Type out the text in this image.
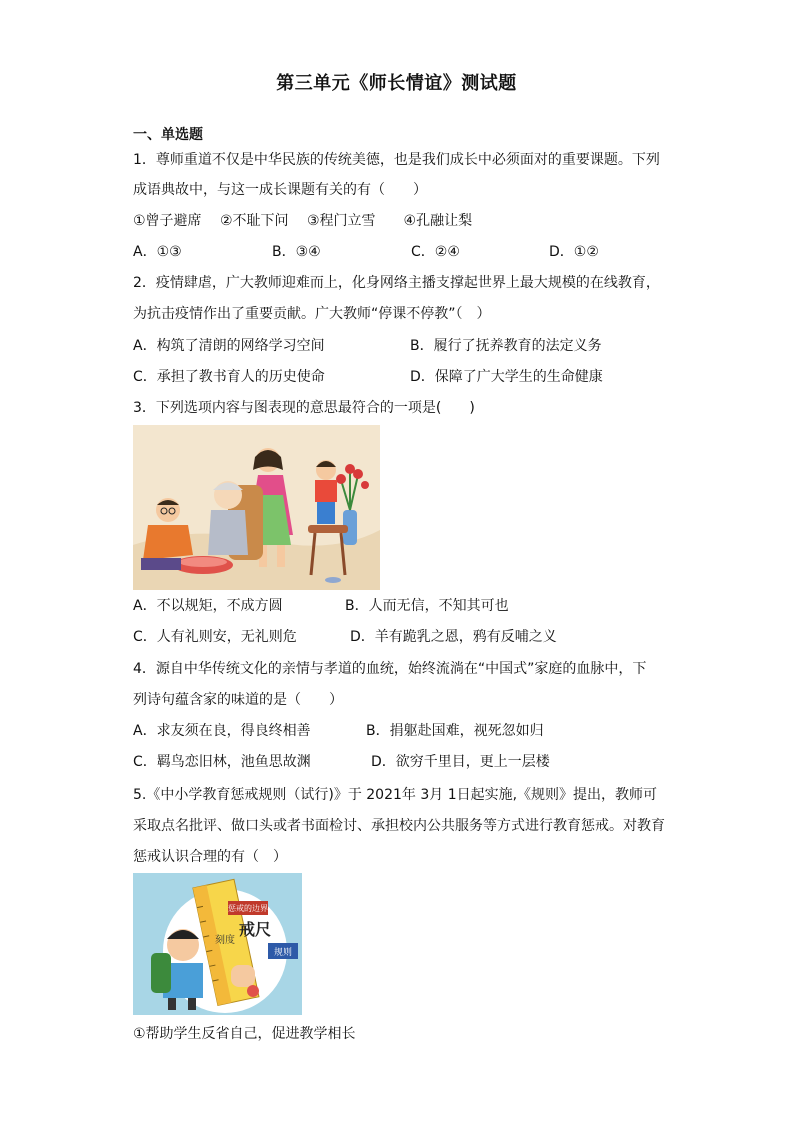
第三单元《师长情谊》测试题
一、单选题
1．尊师重道不仅是中华民族的传统美德，也是我们成长中必须面对的重要课题。下列
成语典故中，与这一成长课题有关的有（　　）
①曾子避席　 ②不耻下问　 ③程门立雪　　④孔融让梨
A．①③	B．③④	C．②④	D．①②
2．疫情肆虐，广大教师迎难而上，化身网络主播支撑起世界上最大规模的在线教育，
为抗击疫情作出了重要贡献。广大教师“停课不停教”（　）
A．构筑了清朗的网络学习空间	B．履行了抚养教育的法定义务
C．承担了教书育人的历史使命	D．保障了广大学生的生命健康
3．下列选项内容与图表现的意思最符合的一项是(　　)
A．不以规矩，不成方圆	B．人而无信，不知其可也
C．人有礼则安，无礼则危	D．羊有跪乳之恩，鸦有反哺之义
4．源自中华传统文化的亲情与孝道的血统，始终流淌在“中国式”家庭的血脉中，下
列诗句蕴含家的味道的是（　　）
A．求友须在良，得良终相善	B．捐躯赴国难，视死忽如归
C．羁鸟恋旧林，池鱼思故渊	D．欲穷千里目，更上一层楼
5.《中小学教育惩戒规则（试行)》于 2021年 3月 1日起实施,《规则》提出，教师可
采取点名批评、做口头或者书面检讨、承担校内公共服务等方式进行教育惩戒。对教育
惩戒认识合理的有（　）
惩戒的边界
刻度
戒尺
规则
①帮助学生反省自己，促进教学相长
